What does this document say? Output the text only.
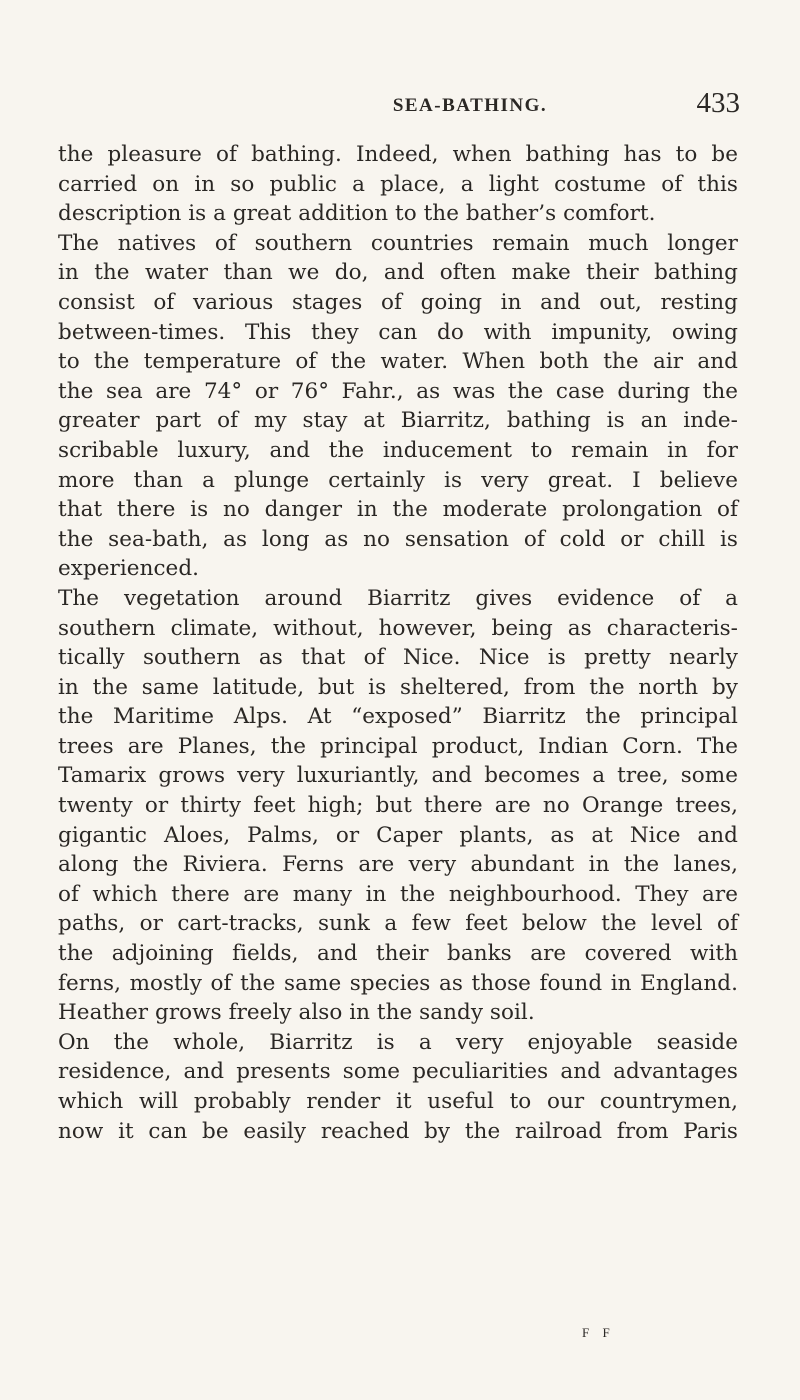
SEA-BATHING.	433
the pleasure of bathing. Indeed, when bathing has to be
carried on in so public a place, a light costume of this
description is a great addition to the bather’s comfort.
The natives of southern countries remain much longer
in the water than we do, and often make their bathing
consist of various stages of going in and out, resting
between-times. This they can do with impunity, owing
to the temperature of the water. When both the air and
the sea are 74° or 76° Fahr., as was the case during the
greater part of my stay at Biarritz, bathing is an inde-
scribable luxury, and the inducement to remain in for
more than a plunge certainly is very great. I believe
that there is no danger in the moderate prolongation of
the sea-bath, as long as no sensation of cold or chill is
experienced.
The vegetation around Biarritz gives evidence of a
southern climate, without, however, being as characteris-
tically southern as that of Nice. Nice is pretty nearly
in the same latitude, but is sheltered, from the north by
the Maritime Alps. At “exposed” Biarritz the principal
trees are Planes, the principal product, Indian Corn. The
Tamarix grows very luxuriantly, and becomes a tree, some
twenty or thirty feet high; but there are no Orange trees,
gigantic Aloes, Palms, or Caper plants, as at Nice and
along the Riviera. Ferns are very abundant in the lanes,
of which there are many in the neighbourhood. They are
paths, or cart-tracks, sunk a few feet below the level of
the adjoining fields, and their banks are covered with
ferns, mostly of the same species as those found in England.
Heather grows freely also in the sandy soil.
On the whole, Biarritz is a very enjoyable seaside
residence, and presents some peculiarities and advantages
which will probably render it useful to our countrymen,
now it can be easily reached by the railroad from Paris
F F
